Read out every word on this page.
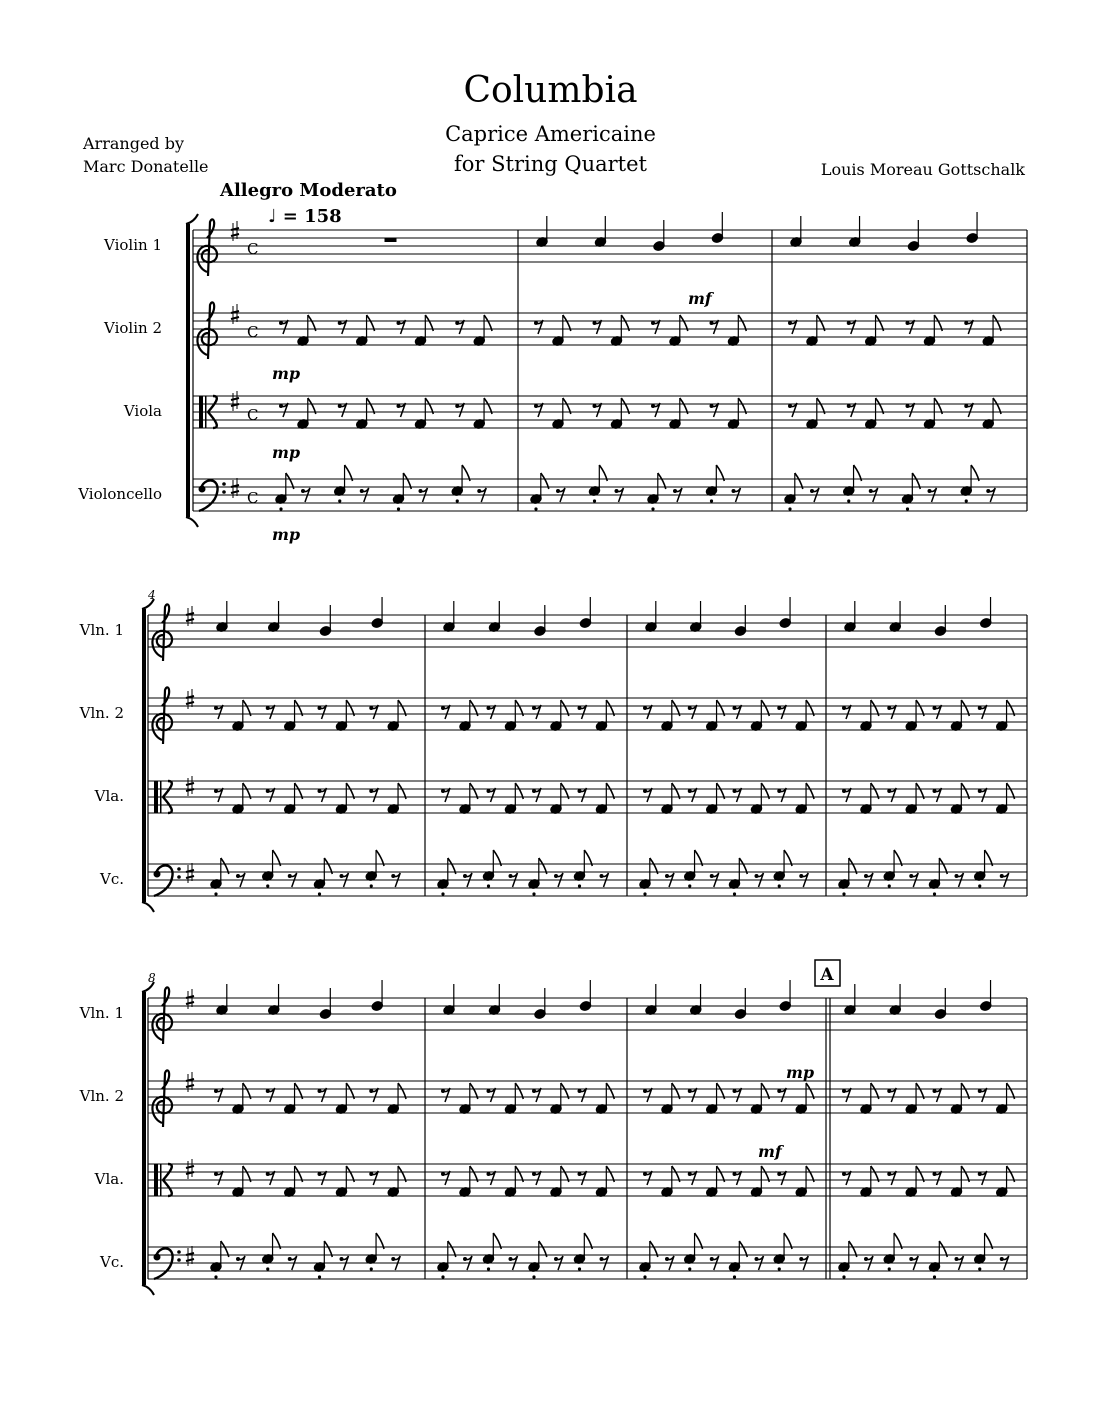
Columbia
Caprice Americaine
for String Quartet
Arranged by
Marc Donatelle	Louis Moreau Gottschalk
Allegro Moderato
♩ = 158
Violin 1	C
Violin 2	C
Viola	C
Violoncello	C
Vln. 1
Vln. 2
Vla.
Vc.
4
Vln. 1
Vln. 2
Vla.
Vc.
8
mf
mp
mp
mp
mp
mf
A
